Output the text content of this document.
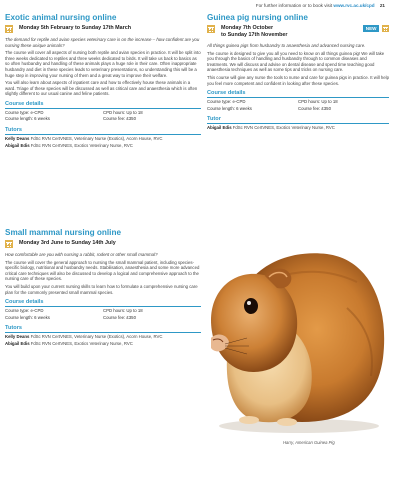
For further information or to book visit www.rvc.ac.uk/cpd 21
Exotic animal nursing online
Monday 5th February to Sunday 17th March

The demand for reptile and avian species veterinary care is on the increase – how confident are you nursing these unique animals?

The course will cover all aspects of nursing both reptile and avian species in practice. It will be split into three weeks dedicated to reptiles and three weeks dedicated to birds. It will take us back to basics as so often husbandry and handling of these animals plays a huge role in their care. Often inappropriate husbandry and diet in these species leads to veterinary presentations, so understanding this will be a huge step in improving your nursing of them and a great way to improve their welfare.

You will also learn about aspects of inpatient care and how to effectively house these animals in a ward. Triage of these species will be discussed as well as critical care and anaesthesia which is often slightly different to our usual canine and feline patients.

Course details
Course type: e-CPD	CPD hours: Up to 18
Course length: 6 weeks	Course fee: £350
Tutors

Kelly Deans FdSc RVN CertVNES, Veterinary Nurse (Exotics), Acorn House, RVC

Abigail Edis FdSc RVN CertVNES, Exotics Veterinary Nurse, RVC

Guinea pig nursing online
Monday 7th October
to Sunday 17th November
NEW

All things guinea pigs from husbandry to anaesthesia and advanced nursing care.

The course is designed to give you all you need to know on all things guinea pig! We will take you through the basics of handling and husbandry through to common diseases and treatments. We will discuss and advise on dental disease and spend time teaching good anaesthesia techniques as well as some tips and tricks on nursing care.

This course will give any nurse the tools to nurse and care for guinea pigs in practice. It will help you feel more competent and confident in looking after these species.

Course details
Course type: e-CPD	CPD hours: Up to 18
Course length: 6 weeks	Course fee: £350
Tutor

Abigail Edis FdSc RVN CertVNES, Exotics Veterinary Nurse, RVC

Small mammal nursing online
Monday 3rd June to Sunday 14th July

How comfortable are you with nursing a rabbit, rodent or other small mammal?

The course will cover the general approach to nursing the small mammal patient, including species-specific biology, nutritional and husbandry needs. Stabilisation, anaesthesia and some more advanced critical care techniques will also be discussed to develop a logical and comprehensive approach to the nursing care of these species.

You will build upon your current nursing skills to learn how to formulate a comprehensive nursing care plan for the commonly presented small mammal species.

Course details
Course type: e-CPD	CPD hours: Up to 18
Course length: 6 weeks	Course fee: £350
Tutors

Kelly Deans FdSc RVN CertVNES, Veterinary Nurse (Exotics), Acorn House, RVC

Abigail Edis FdSc RVN CertVNES, Exotics Veterinary Nurse, RVC

Harry, American Guinea Pig
